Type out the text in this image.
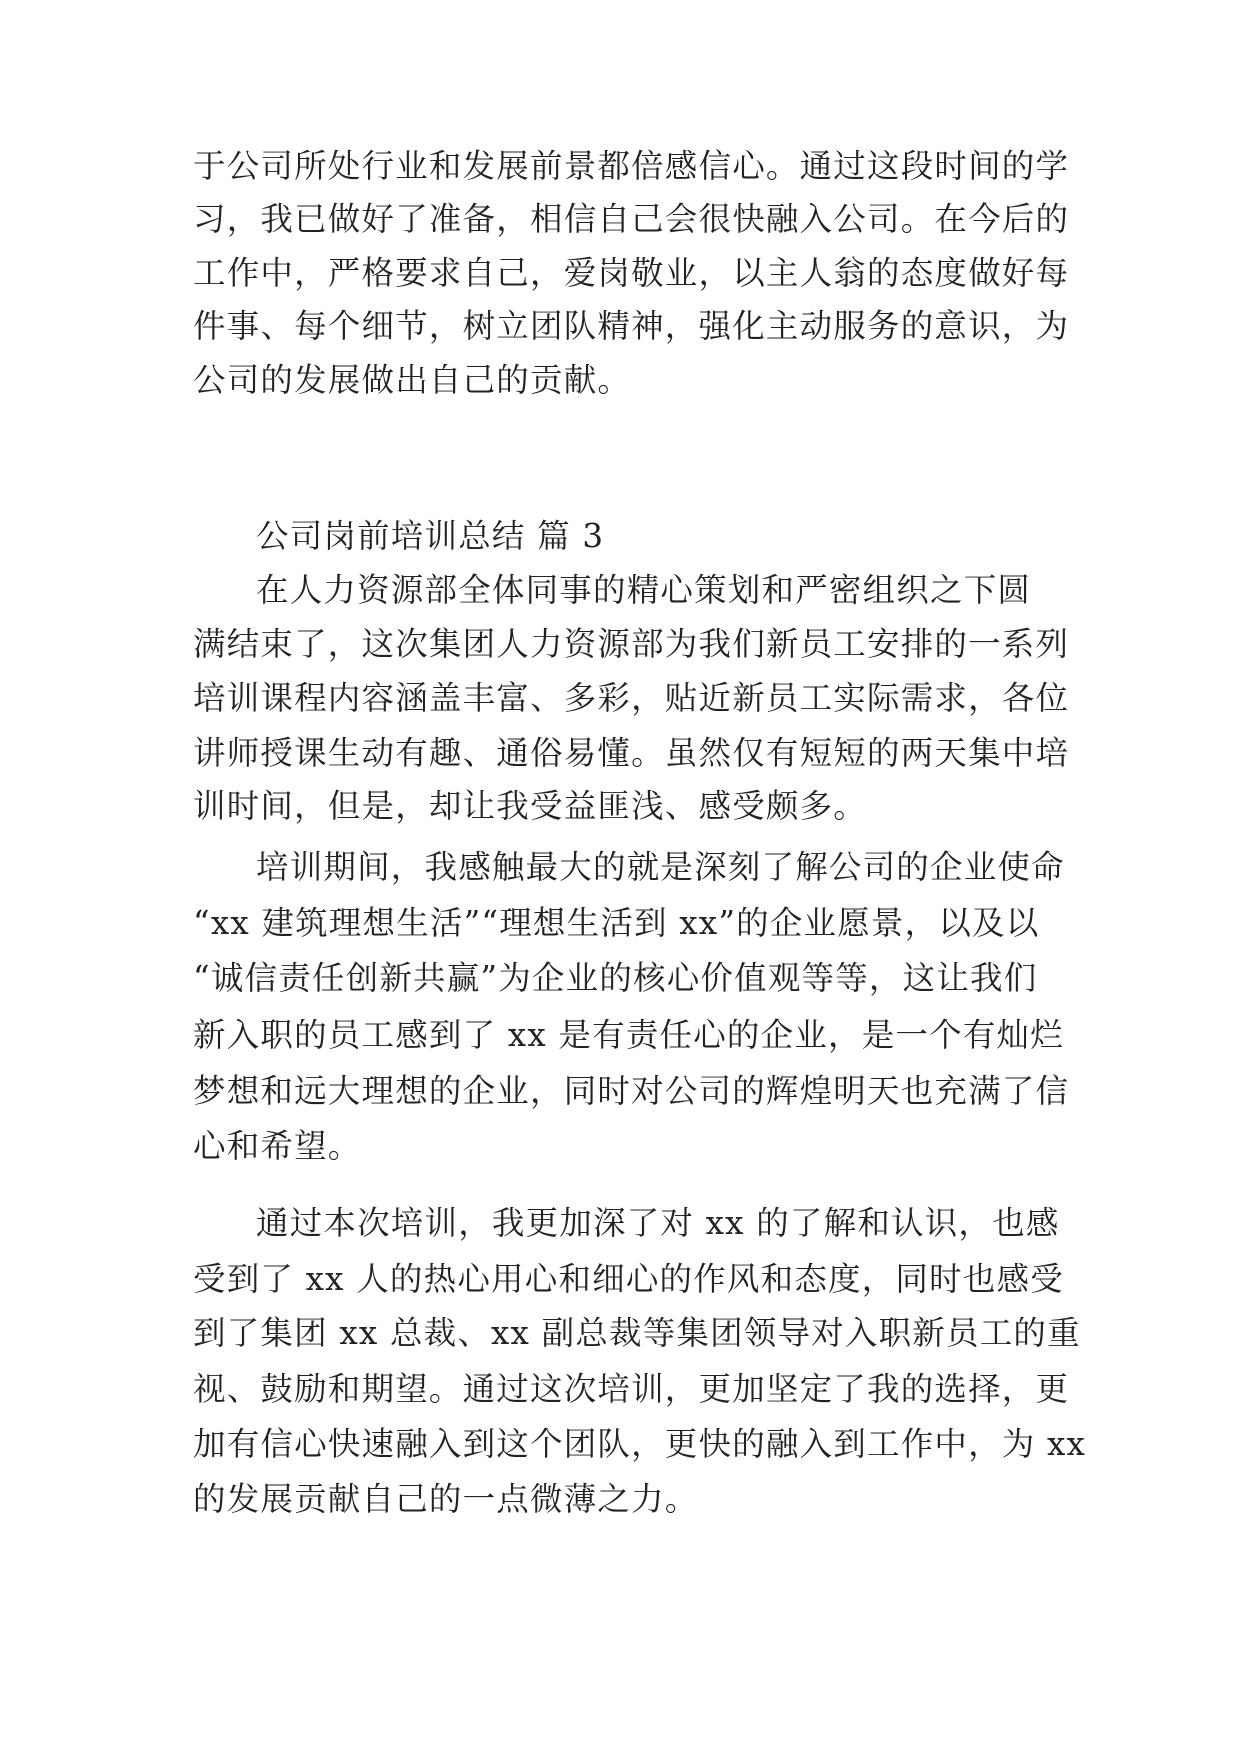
于公司所处行业和发展前景都倍感信心。通过这段时间的学
习，我已做好了准备，相信自己会很快融入公司。在今后的
工作中，严格要求自己，爱岗敬业，以主人翁的态度做好每
件事、每个细节，树立团队精神，强化主动服务的意识，为
公司的发展做出自己的贡献。
公司岗前培训总结 篇 3
在人力资源部全体同事的精心策划和严密组织之下圆
满结束了，这次集团人力资源部为我们新员工安排的一系列
培训课程内容涵盖丰富、多彩，贴近新员工实际需求，各位
讲师授课生动有趣、通俗易懂。虽然仅有短短的两天集中培
训时间，但是，却让我受益匪浅、感受颇多。
培训期间，我感触最大的就是深刻了解公司的企业使命
“xx 建筑理想生活”“理想生活到 xx”的企业愿景，以及以
“诚信责任创新共赢”为企业的核心价值观等等，这让我们
新入职的员工感到了 xx 是有责任心的企业，是一个有灿烂
梦想和远大理想的企业，同时对公司的辉煌明天也充满了信
心和希望。
通过本次培训，我更加深了对 xx 的了解和认识，也感
受到了 xx 人的热心用心和细心的作风和态度，同时也感受
到了集团 xx 总裁、xx 副总裁等集团领导对入职新员工的重
视、鼓励和期望。通过这次培训，更加坚定了我的选择，更
加有信心快速融入到这个团队，更快的融入到工作中，为 xx
的发展贡献自己的一点微薄之力。
